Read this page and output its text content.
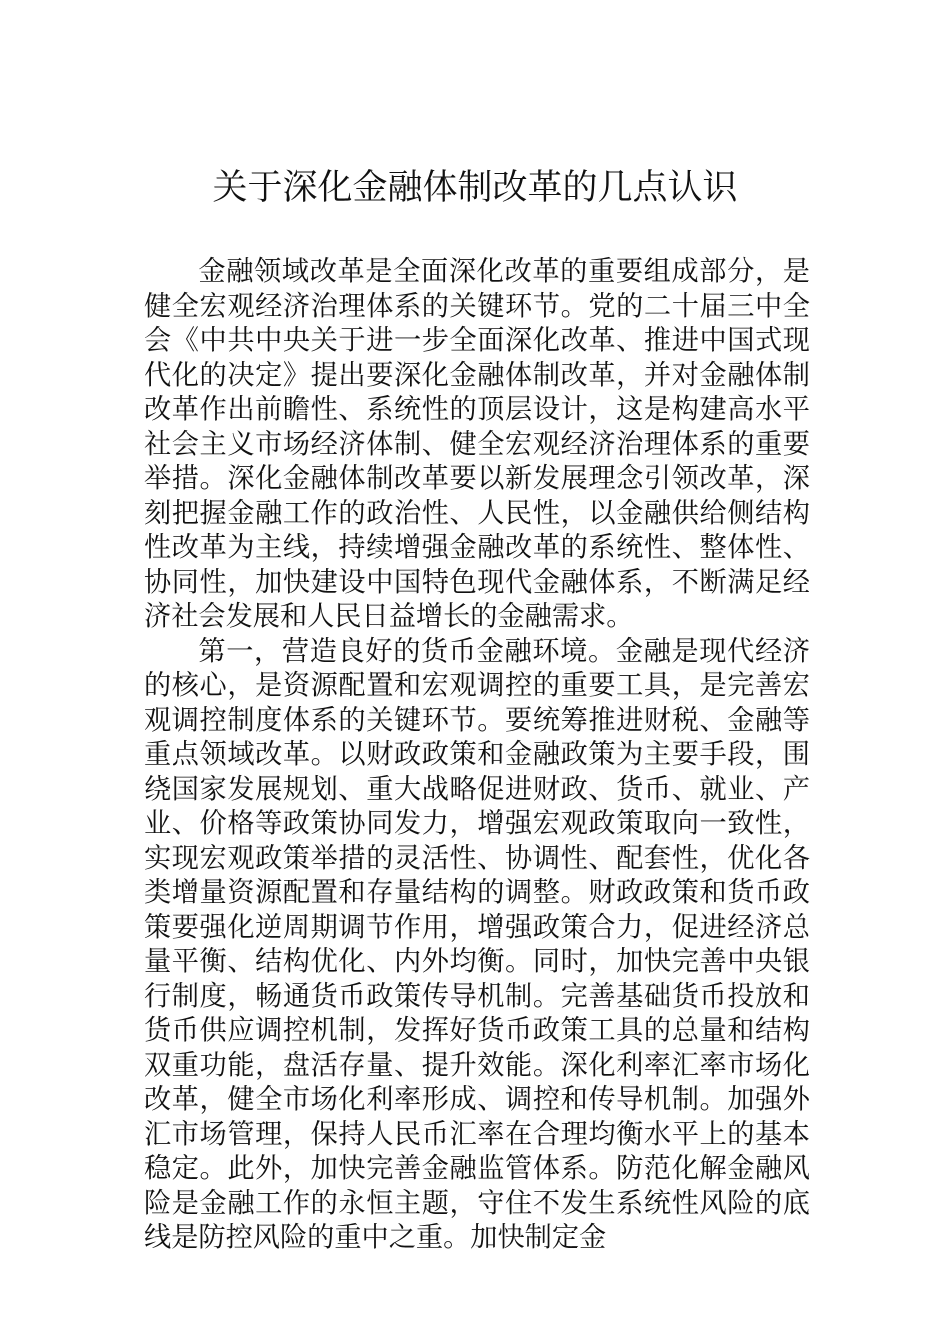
关于深化金融体制改革的几点认识

金融领域改革是全面深化改革的重要组成部分，是健全宏观经济治理体系的关键环节。党的二十届三中全会《中共中央关于进一步全面深化改革、推进中国式现代化的决定》提出要深化金融体制改革，并对金融体制改革作出前瞻性、系统性的顶层设计，这是构建高水平社会主义市场经济体制、健全宏观经济治理体系的重要举措。深化金融体制改革要以新发展理念引领改革，深刻把握金融工作的政治性、人民性，以金融供给侧结构性改革为主线，持续增强金融改革的系统性、整体性、协同性，加快建设中国特色现代金融体系，不断满足经济社会发展和人民日益增长的金融需求。

第一，营造良好的货币金融环境。金融是现代经济的核心，是资源配置和宏观调控的重要工具，是完善宏观调控制度体系的关键环节。要统筹推进财税、金融等重点领域改革。以财政政策和金融政策为主要手段，围绕国家发展规划、重大战略促进财政、货币、就业、产业、价格等政策协同发力，增强宏观政策取向一致性，实现宏观政策举措的灵活性、协调性、配套性，优化各类增量资源配置和存量结构的调整。财政政策和货币政策要强化逆周期调节作用，增强政策合力，促进经济总量平衡、结构优化、内外均衡。同时，加快完善中央银行制度，畅通货币政策传导机制。完善基础货币投放和货币供应调控机制，发挥好货币政策工具的总量和结构双重功能，盘活存量、提升效能。深化利率汇率市场化改革，健全市场化利率形成、调控和传导机制。加强外汇市场管理，保持人民币汇率在合理均衡水平上的基本稳定。此外，加快完善金融监管体系。防范化解金融风险是金融工作的永恒主题，守住不发生系统性风险的底线是防控风险的重中之重。加快制定金
